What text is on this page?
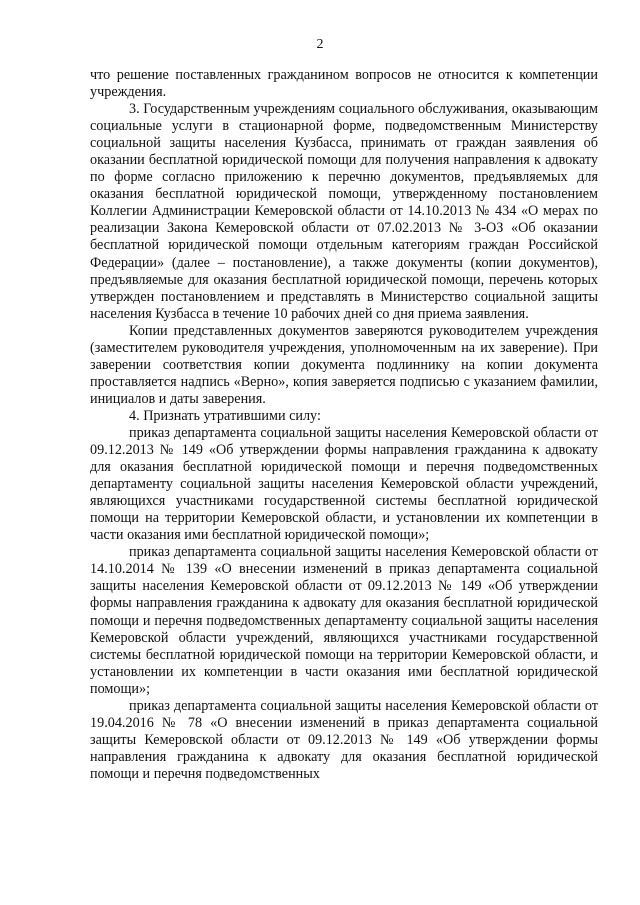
2

что решение поставленных гражданином вопросов не относится к компетенции учреждения.

3. Государственным учреждениям социального обслуживания, оказывающим социальные услуги в стационарной форме, подведомственным Министерству социальной защиты населения Кузбасса, принимать от граждан заявления об оказании бесплатной юридической помощи для получения направления к адвокату по форме согласно приложению к перечню документов, предъявляемых для оказания бесплатной юридической помощи, утвержденному постановлением Коллегии Администрации Кемеровской области от 14.10.2013 № 434 «О мерах по реализации Закона Кемеровской области от 07.02.2013 № 3-ОЗ «Об оказании бесплатной юридической помощи отдельным категориям граждан Российской Федерации» (далее – постановление), а также документы (копии документов), предъявляемые для оказания бесплатной юридической помощи, перечень которых утвержден постановлением и представлять в Министерство социальной защиты населения Кузбасса в течение 10 рабочих дней со дня приема заявления.

Копии представленных документов заверяются руководителем учреждения (заместителем руководителя учреждения, уполномоченным на их заверение). При заверении соответствия копии документа подлиннику на копии документа проставляется надпись «Верно», копия заверяется подписью с указанием фамилии, инициалов и даты заверения.

4. Признать утратившими силу:

приказ департамента социальной защиты населения Кемеровской области от 09.12.2013 № 149 «Об утверждении формы направления гражданина к адвокату для оказания бесплатной юридической помощи и перечня подведомственных департаменту социальной защиты населения Кемеровской области учреждений, являющихся участниками государственной системы бесплатной юридической помощи на территории Кемеровской области, и установлении их компетенции в части оказания ими бесплатной юридической помощи»;

приказ департамента социальной защиты населения Кемеровской области от 14.10.2014 № 139 «О внесении изменений в приказ департамента социальной защиты населения Кемеровской области от 09.12.2013 № 149 «Об утверждении формы направления гражданина к адвокату для оказания бесплатной юридической помощи и перечня подведомственных департаменту социальной защиты населения Кемеровской области учреждений, являющихся участниками государственной системы бесплатной юридической помощи на территории Кемеровской области, и установлении их компетенции в части оказания ими бесплатной юридической помощи»;

приказ департамента социальной защиты населения Кемеровской области от 19.04.2016 № 78 «О внесении изменений в приказ департамента социальной защиты Кемеровской области от 09.12.2013 № 149 «Об утверждении формы направления гражданина к адвокату для оказания бесплатной юридической помощи и перечня подведомственных
